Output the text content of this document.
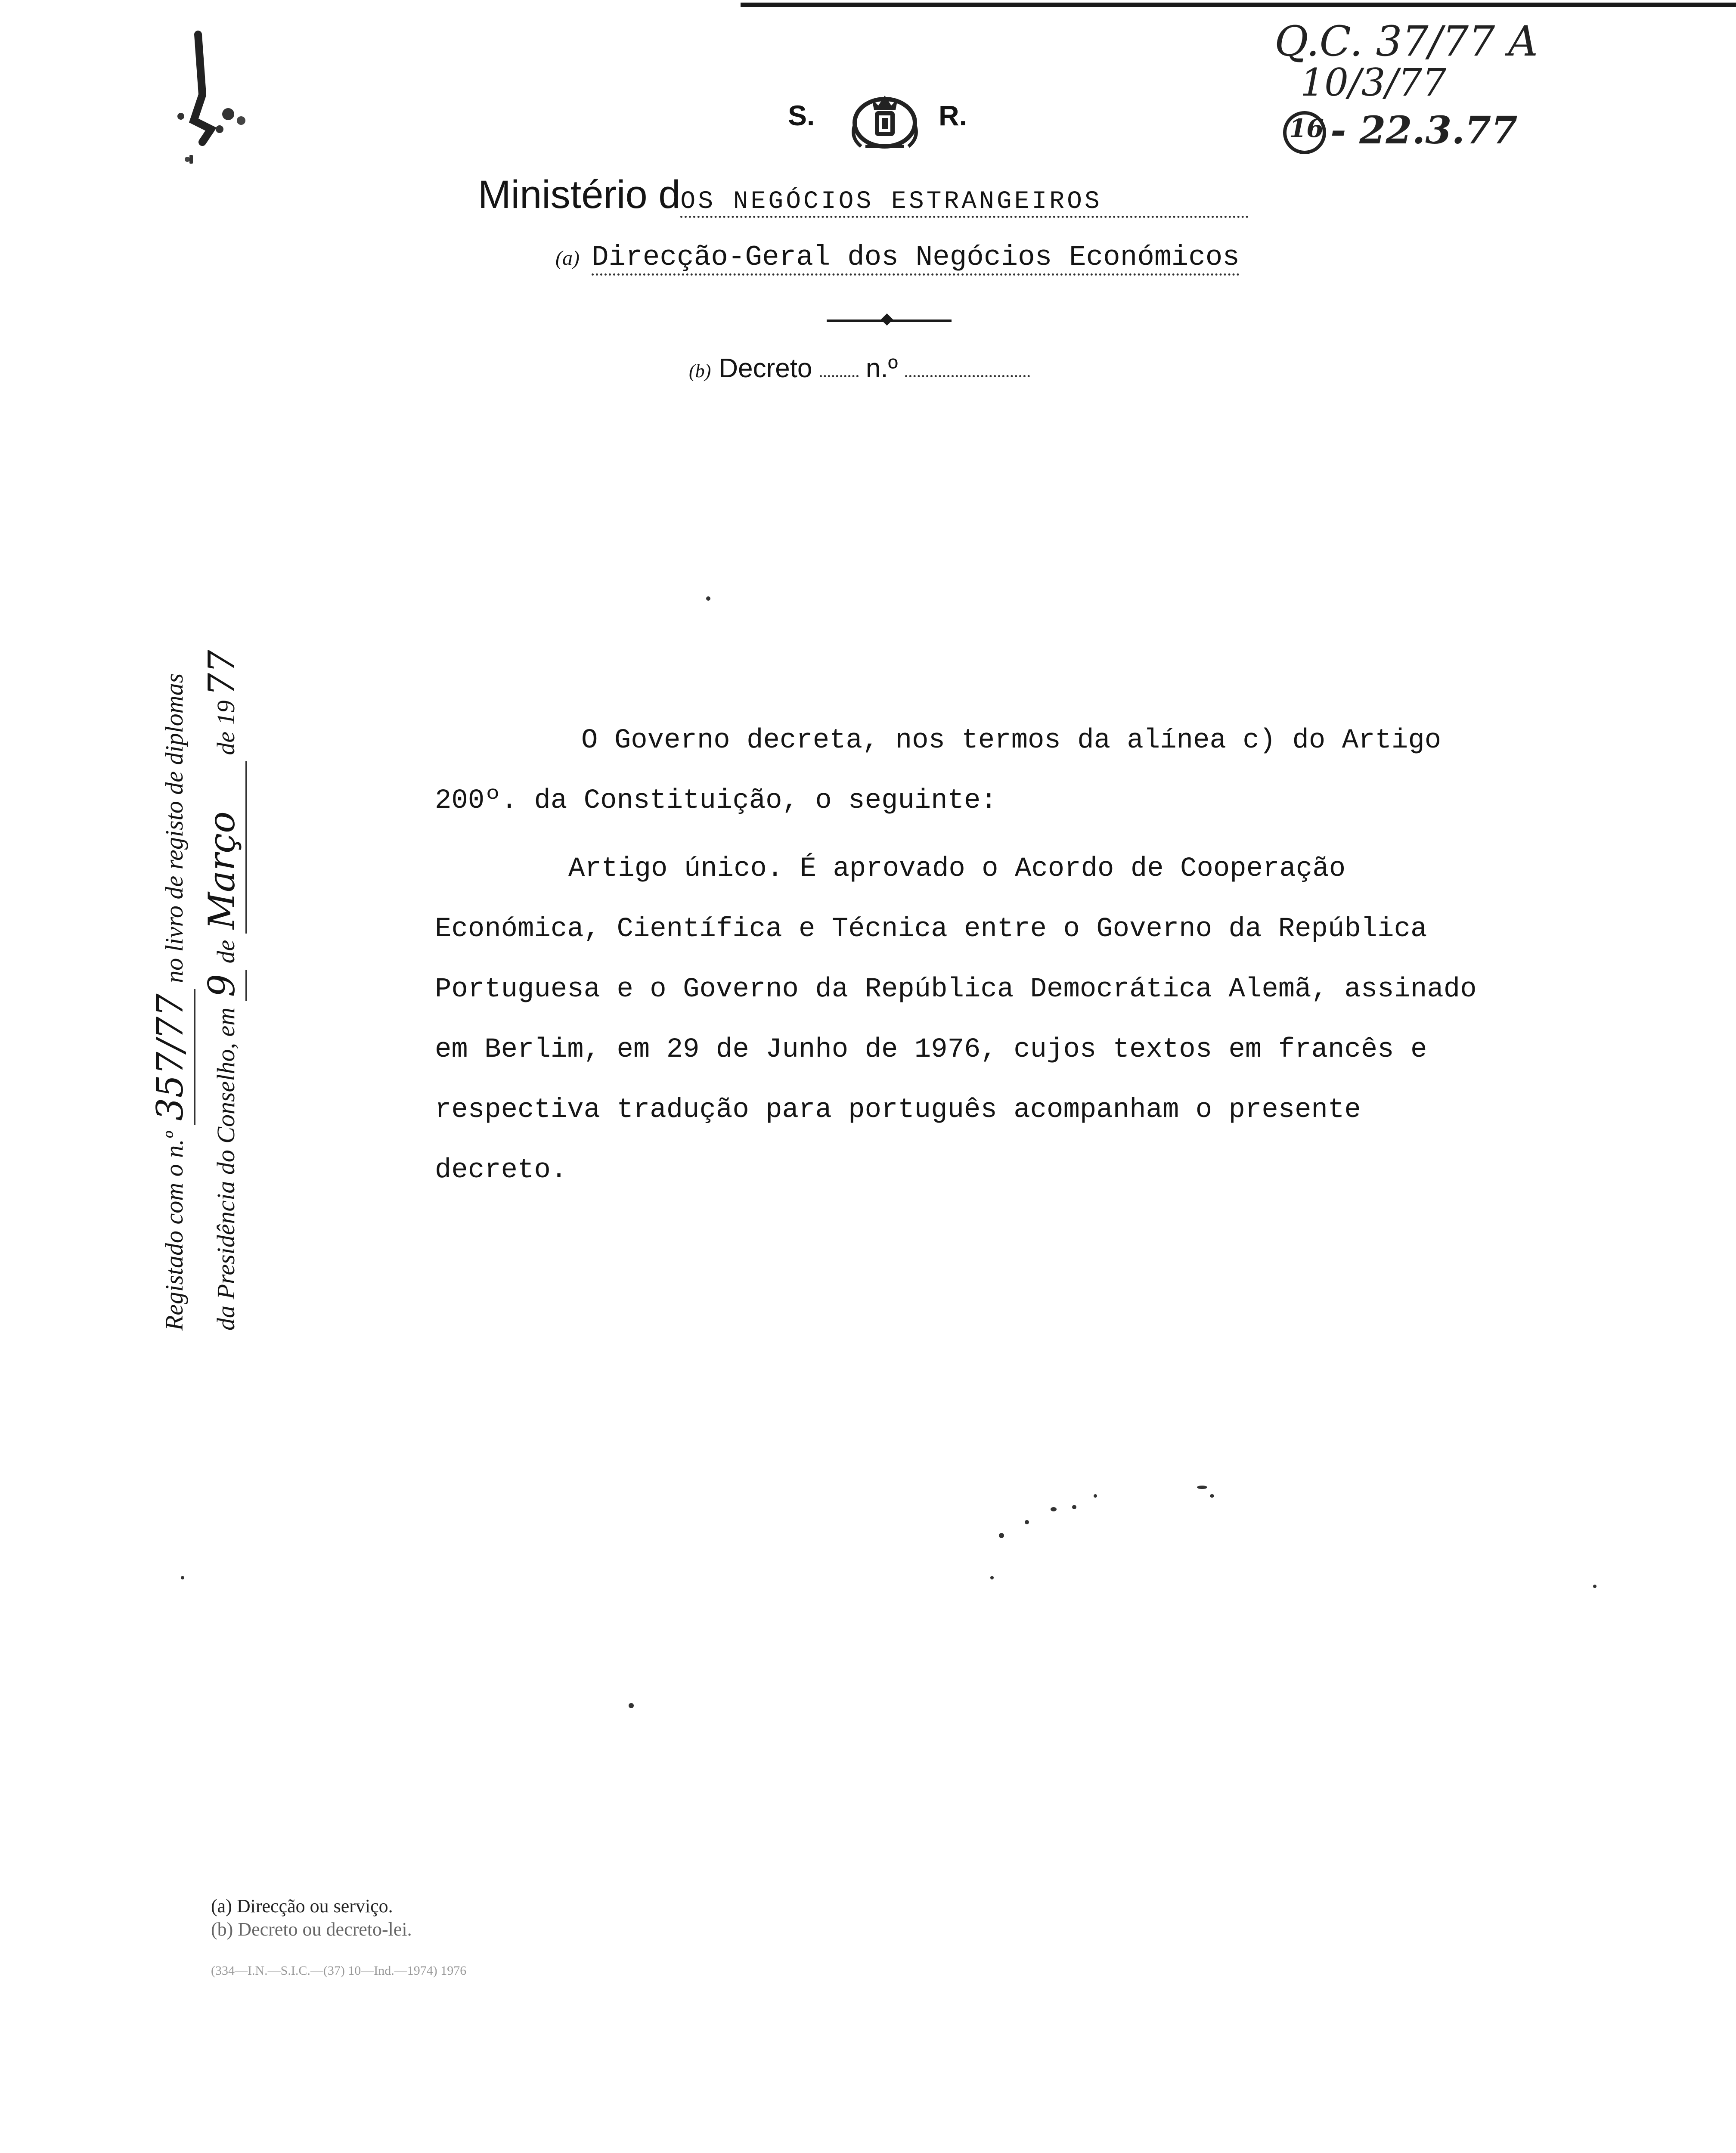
Q.C. 37/77 A
10/3/77
16 - 22.3.77
S.	R.
Ministério dOS NEGÓCIOS ESTRANGEIROS
(a) Direcção-Geral dos Negócios Económicos
(b) Decreto n.º
Registado com o n.º 357/77 no livro de registo de diplomas
da Presidência do Conselho, em 9 de Março de 1977

O Governo decreta, nos termos da alínea c) do Artigo 200º. da Constituição, o seguinte:

Artigo único. É aprovado o Acordo de Cooperação Económica, Científica e Técnica entre o Governo da República Portuguesa e o Governo da República Democrática Alemã, assinado em Berlim, em 29 de Junho de 1976, cujos textos em francês e respectiva tradução para português acompanham o presente decreto.

(a) Direcção ou serviço.
(b) Decreto ou decreto-lei.
(334—I.N.—S.I.C.—(37) 10—Ind.—1974) 1976
